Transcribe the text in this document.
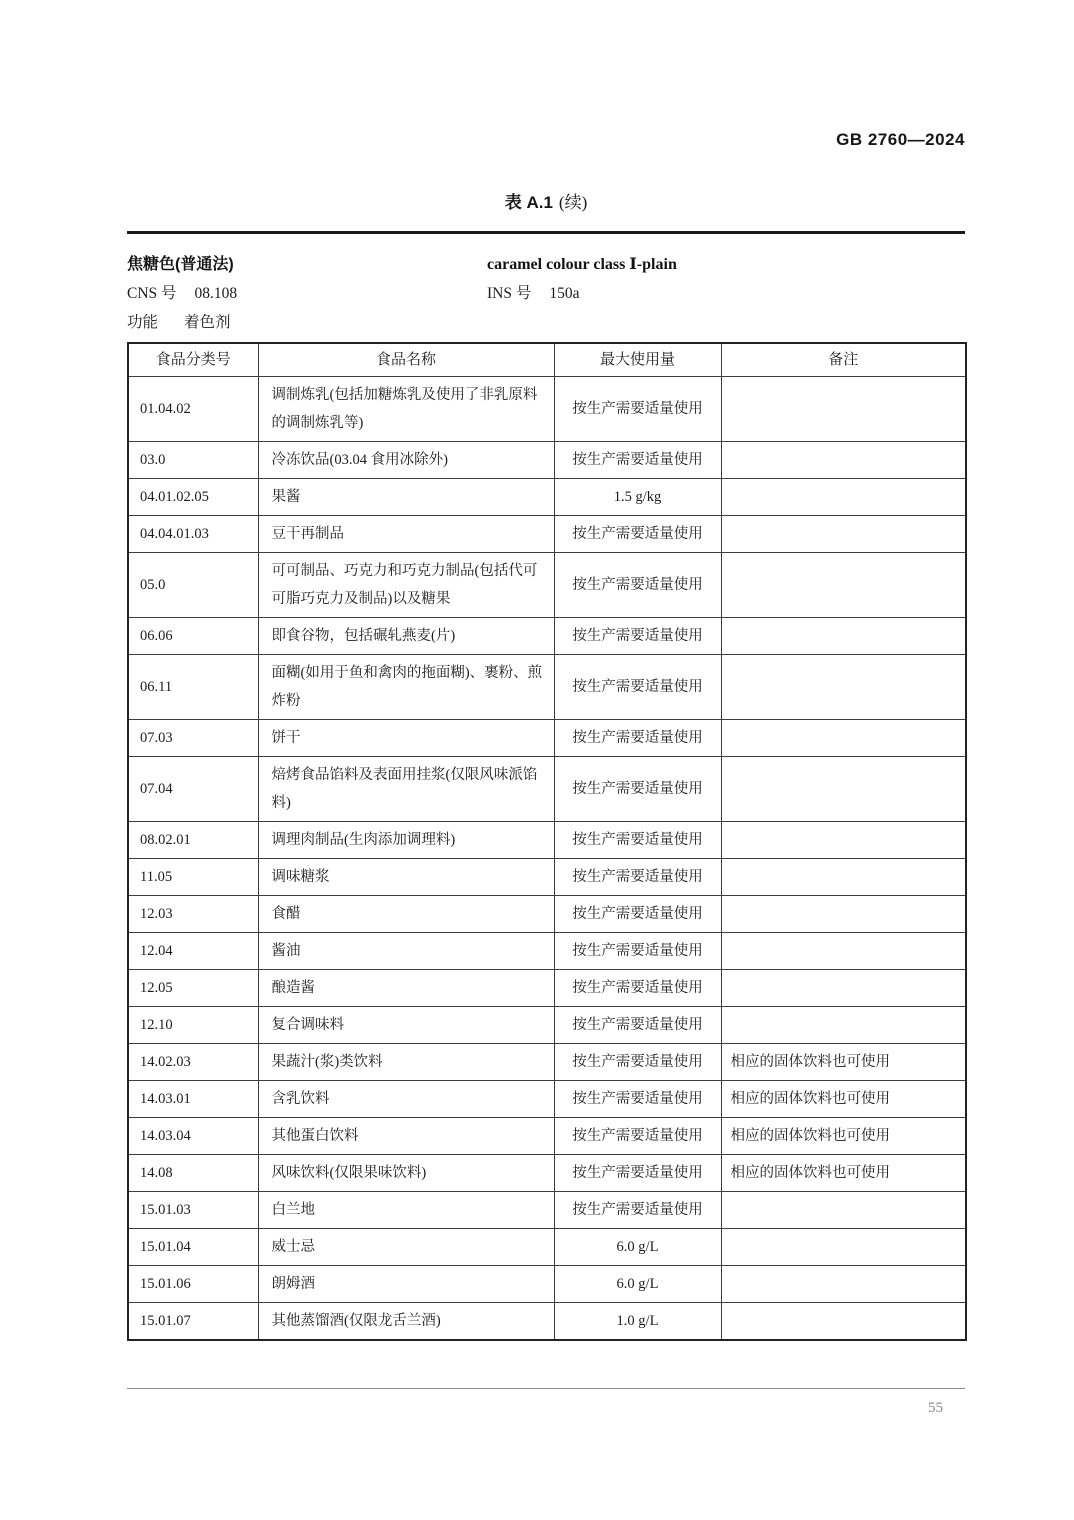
GB 2760—2024
表 A.1 (续)
焦糖色(普通法)	caramel colour class Ⅰ-plain
CNS 号 08.108	INS 号 150a
功能 着色剂
食品分类号	食品名称	最大使用量	备注
01.04.02	调制炼乳(包括加糖炼乳及使用了非乳原料的调制炼乳等)	按生产需要适量使用	
03.0	冷冻饮品(03.04 食用冰除外)	按生产需要适量使用	
04.01.02.05	果酱	1.5 g/kg	
04.04.01.03	豆干再制品	按生产需要适量使用	
05.0	可可制品、巧克力和巧克力制品(包括代可可脂巧克力及制品)以及糖果	按生产需要适量使用	
06.06	即食谷物，包括碾轧燕麦(片)	按生产需要适量使用	
06.11	面糊(如用于鱼和禽肉的拖面糊)、裹粉、煎炸粉	按生产需要适量使用	
07.03	饼干	按生产需要适量使用	
07.04	焙烤食品馅料及表面用挂浆(仅限风味派馅料)	按生产需要适量使用	
08.02.01	调理肉制品(生肉添加调理料)	按生产需要适量使用	
11.05	调味糖浆	按生产需要适量使用	
12.03	食醋	按生产需要适量使用	
12.04	酱油	按生产需要适量使用	
12.05	酿造酱	按生产需要适量使用	
12.10	复合调味料	按生产需要适量使用	
14.02.03	果蔬汁(浆)类饮料	按生产需要适量使用	相应的固体饮料也可使用
14.03.01	含乳饮料	按生产需要适量使用	相应的固体饮料也可使用
14.03.04	其他蛋白饮料	按生产需要适量使用	相应的固体饮料也可使用
14.08	风味饮料(仅限果味饮料)	按生产需要适量使用	相应的固体饮料也可使用
15.01.03	白兰地	按生产需要适量使用	
15.01.04	威士忌	6.0 g/L	
15.01.06	朗姆酒	6.0 g/L	
15.01.07	其他蒸馏酒(仅限龙舌兰酒)	1.0 g/L	
55
